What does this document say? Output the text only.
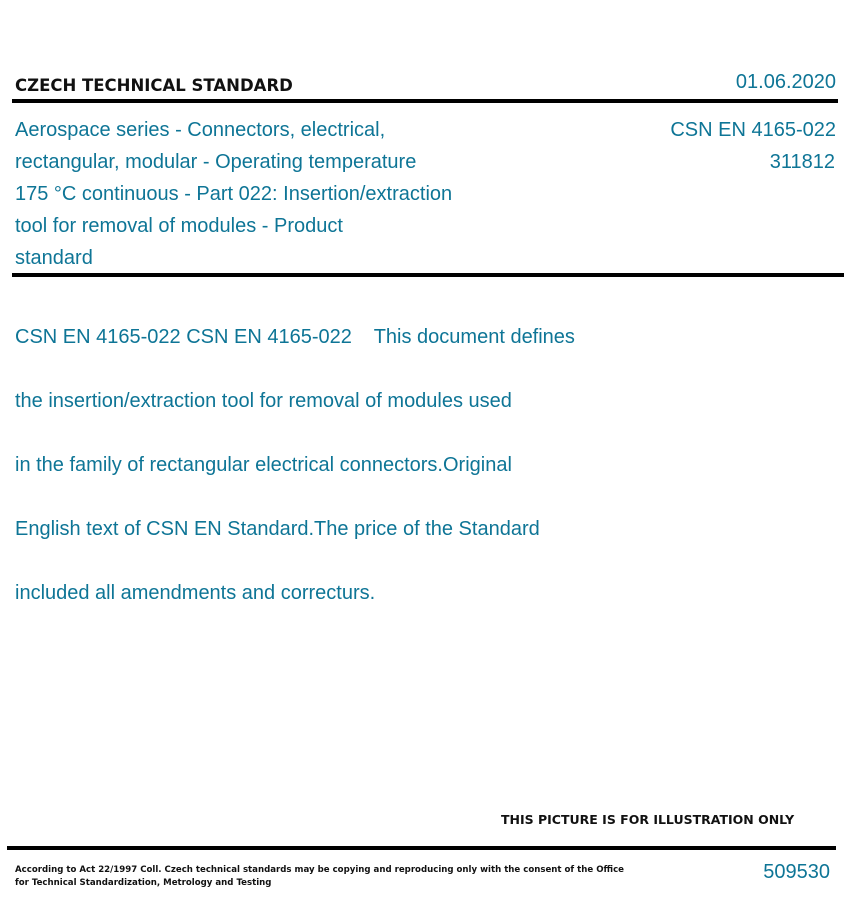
CZECH TECHNICAL STANDARD	01.06.2020
Aerospace series - Connectors, electrical,
rectangular, modular - Operating temperature
175 °C continuous - Part 022: Insertion/extraction
tool for removal of modules - Product
standard
CSN EN 4165-022
311812

CSN EN 4165-022 CSN EN 4165-022    This document defines

the insertion/extraction tool for removal of modules used

in the family of rectangular electrical connectors.Original

English text of CSN EN Standard.The price of the Standard

included all amendments and correcturs.

THIS PICTURE IS FOR ILLUSTRATION ONLY
According to Act 22/1997 Coll. Czech technical standards may be copying and reproducing only with the consent of the Office
for Technical Standardization, Metrology and Testing	509530
